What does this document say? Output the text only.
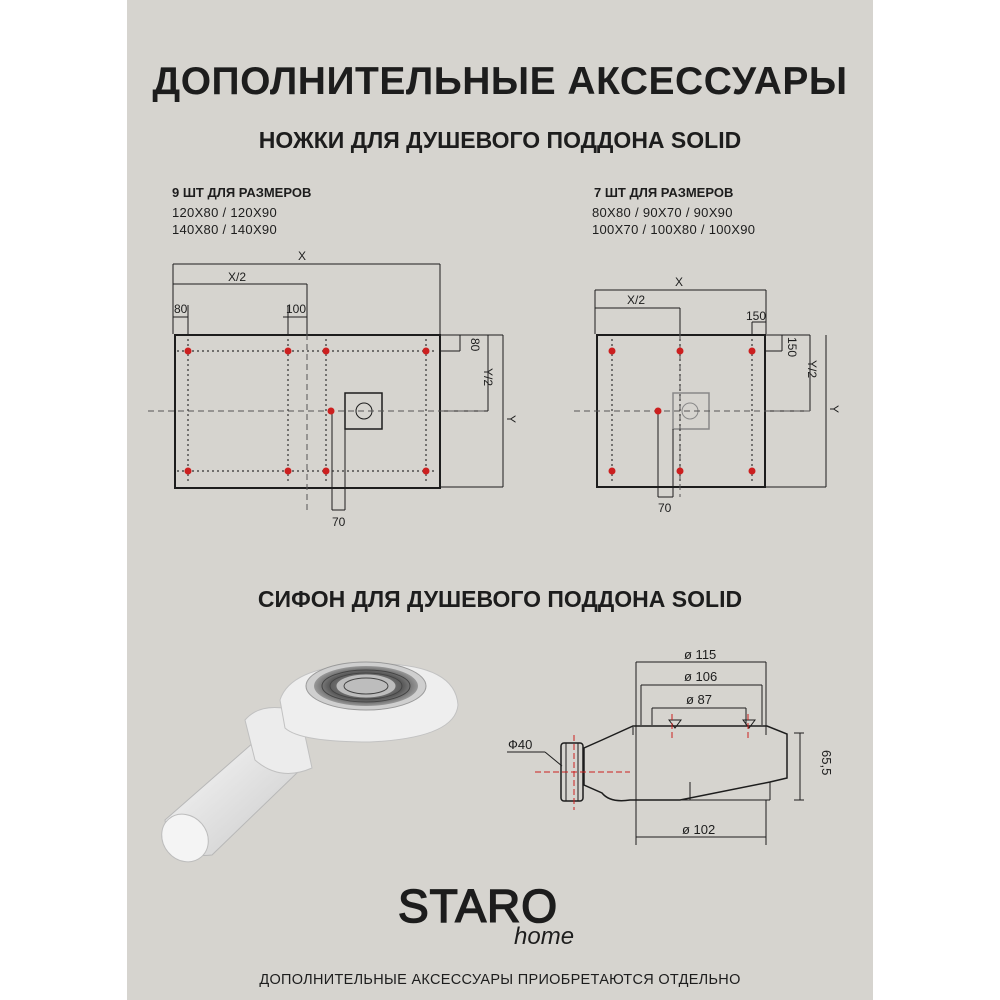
ДОПОЛНИТЕЛЬНЫЕ АКСЕССУАРЫ
НОЖКИ ДЛЯ ДУШЕВОГО ПОДДОНА SOLID
9 ШТ ДЛЯ РАЗМЕРОВ
120Х80 / 120Х90
140Х80 / 140Х90
7 ШТ ДЛЯ РАЗМЕРОВ
80Х80 / 90Х70 / 90Х90
100Х70 / 100Х80 / 100Х90
X
X/2
80	100
80
Y/2
Y
70
X
X/2
150
150
Y/2
Y
70
СИФОН ДЛЯ ДУШЕВОГО ПОДДОНА SOLID
ø 115
ø 106
ø 87
ø 102
Ф40
65,5
STARO
home
ДОПОЛНИТЕЛЬНЫЕ АКСЕССУАРЫ ПРИОБРЕТАЮТСЯ ОТДЕЛЬНО
